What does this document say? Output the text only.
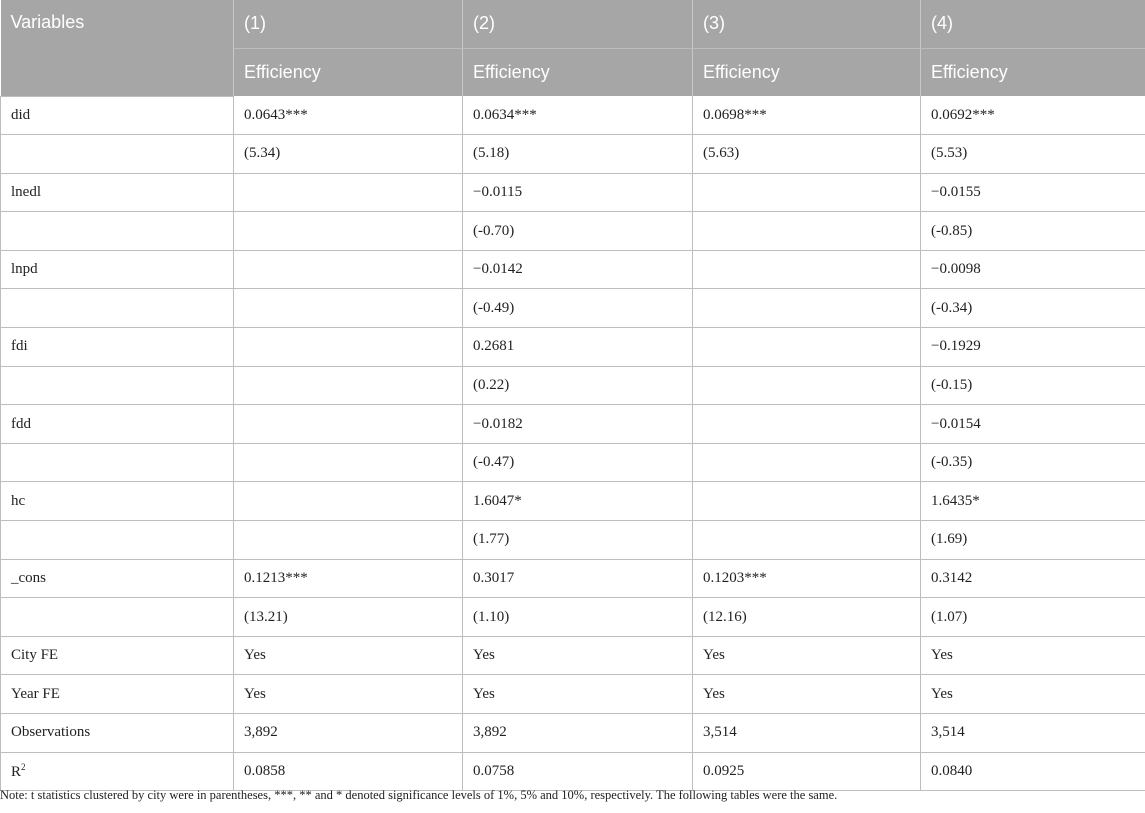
Variables	(1)	(2)	(3)	(4)
	Efficiency	Efficiency	Efficiency	Efficiency
did	0.0643***	0.0634***	0.0698***	0.0692***
	(5.34)	(5.18)	(5.63)	(5.53)
lnedl		−0.0115		−0.0155
		(-0.70)		(-0.85)
lnpd		−0.0142		−0.0098
		(-0.49)		(-0.34)
fdi		0.2681		−0.1929
		(0.22)		(-0.15)
fdd		−0.0182		−0.0154
		(-0.47)		(-0.35)
hc		1.6047*		1.6435*
		(1.77)		(1.69)
_cons	0.1213***	0.3017	0.1203***	0.3142
	(13.21)	(1.10)	(12.16)	(1.07)
City FE	Yes	Yes	Yes	Yes
Year FE	Yes	Yes	Yes	Yes
Observations	3,892	3,892	3,514	3,514
$R^2$	0.0858	0.0758	0.0925	0.0840
Note: t statistics clustered by city were in parentheses, ***, ** and * denoted significance levels of 1%, 5% and 10%, respectively. The following tables were the same.
